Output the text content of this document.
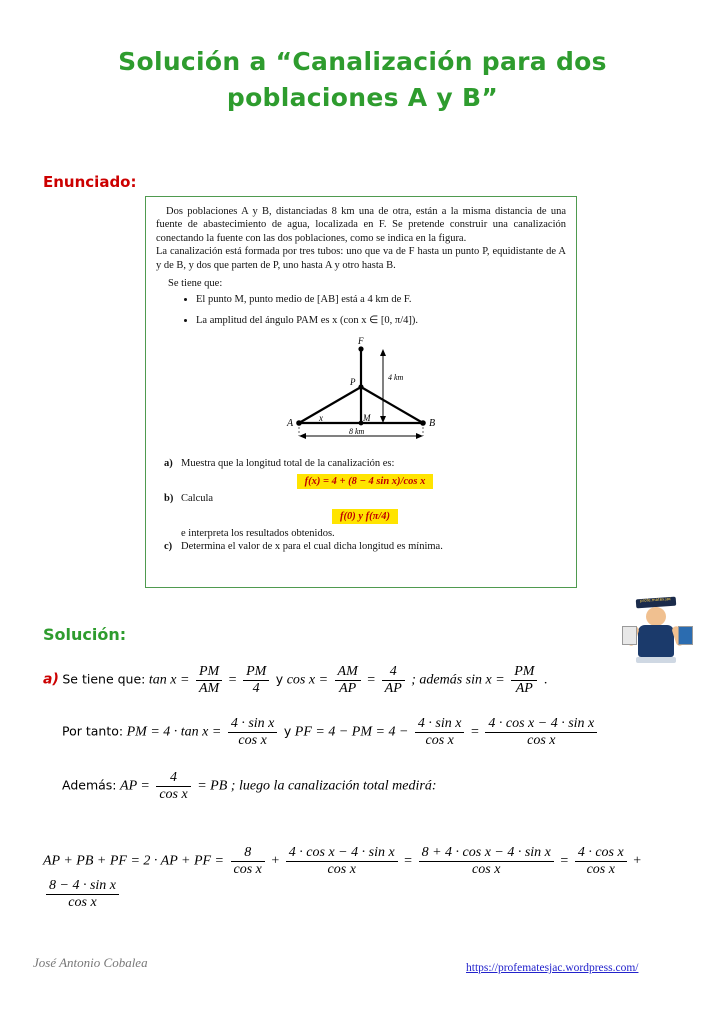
Solución a “Canalización para dos poblaciones A y B”
Enunciado:

Dos poblaciones A y B, distanciadas 8 km una de otra, están a la misma distancia de una fuente de abastecimiento de agua, localizada en F. Se pretende construir una canalización conectando la fuente con las dos poblaciones, como se indica en la figura.

La canalización está formada por tres tubos: uno que va de F hasta un punto P, equidistante de A y de B, y dos que parten de P, uno hasta A y otro hasta B.

Se tiene que:
• El punto M, punto medio de [AB] está a 4 km de F.
• La amplitud del ángulo PAM es x (con x ∈ [0, π/4]).
F
P
A	B
M
x
4 km
8 km
a) Muestra que la longitud total de la canalización es:
f(x) = 4 + (8 − 4 sin x)/cos x
b) Calcula
f(0) y f(π/4)
e interpreta los resultados obtenidos.
c) Determina el valor de x para el cual dicha longitud es mínima.
Solución:
profe.mates.jac
a) Se tiene que: $\tan x = \frac{PM}{AM} = \frac{PM}{4}$ y $\cos x = \frac{AM}{AP} = \frac{4}{AP}$ ; además $\sin x = \frac{PM}{AP}$ .
Por tanto: PM = $4 \cdot \tan x = \frac{\text{4 · sin x}}{\text{cos x}}$ y PF = 4 − PM = $4 - \frac{\text{4 · sin x}}{\text{cos x}} = \frac{\text{4 · cos x − 4 · sin x}}{\text{cos x}}$
Además: AP = $\frac{4}{\text{cos x}}$ = PB ; luego la canalización total medirá:
AP + PB + PF = 2 · AP + PF = $\frac{8}{\text{cos x}} + \frac{\text{4 · cos x − 4 · sin x}}{\text{cos x}} = \frac{\text{8 + 4 · cos x − 4 · sin x}}{\text{cos x}} = \frac{\text{4 · cos x}}{\text{cos x}}$ +
$\frac{\text{8 − 4 · sin x}}{\text{cos x}}$
José Antonio Cobalea	https://profematesjac.wordpress.com/
